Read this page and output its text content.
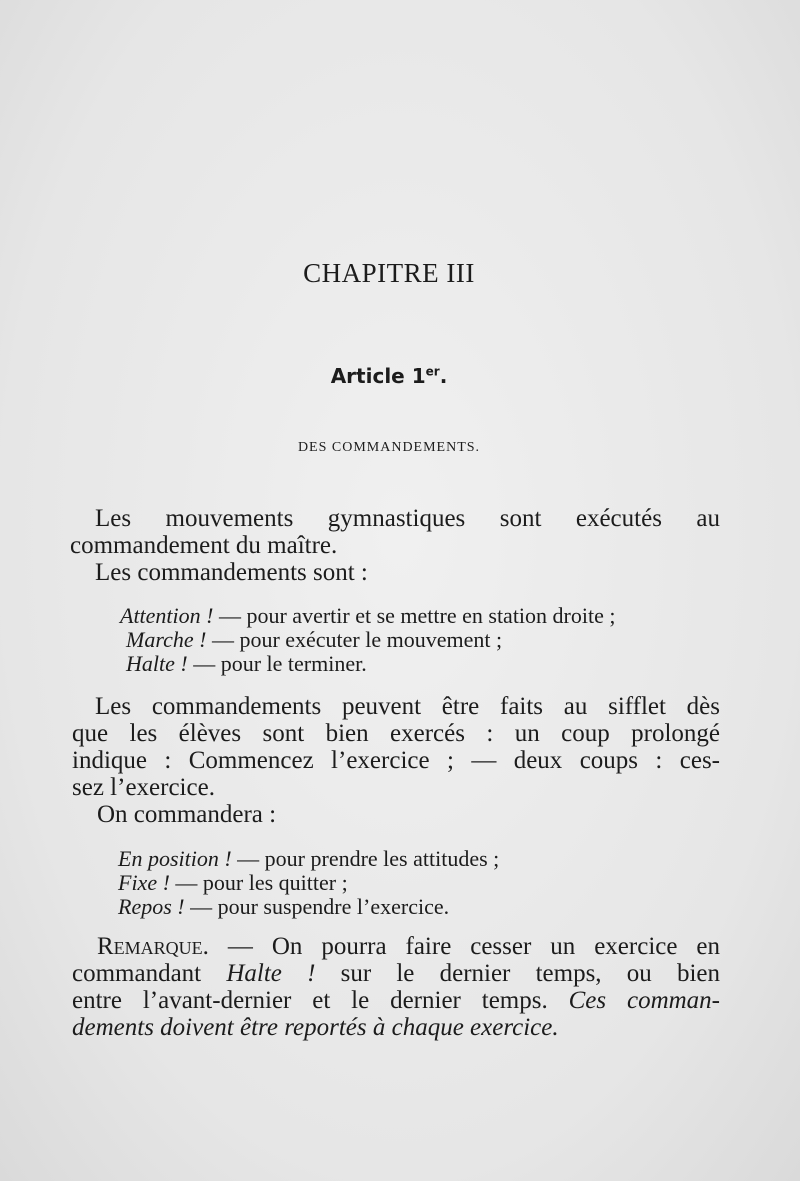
CHAPITRE III
Article 1er.
DES COMMANDEMENTS.
Les mouvements gymnastiques sont exécutés au
commandement du maître.
Les commandements sont :
Attention ! — pour avertir et se mettre en station droite ;
Marche ! — pour exécuter le mouvement ;
Halte ! — pour le terminer.
Les commandements peuvent être faits au sifflet dès
que les élèves sont bien exercés : un coup prolongé
indique : Commencez l’exercice ; — deux coups : ces-
sez l’exercice.
On commandera :
En position ! — pour prendre les attitudes ;
Fixe ! — pour les quitter ;
Repos ! — pour suspendre l’exercice.
Remarque. — On pourra faire cesser un exercice en
commandant Halte ! sur le dernier temps, ou bien
entre l’avant-dernier et le dernier temps. Ces comman-
dements doivent être reportés à chaque exercice.
